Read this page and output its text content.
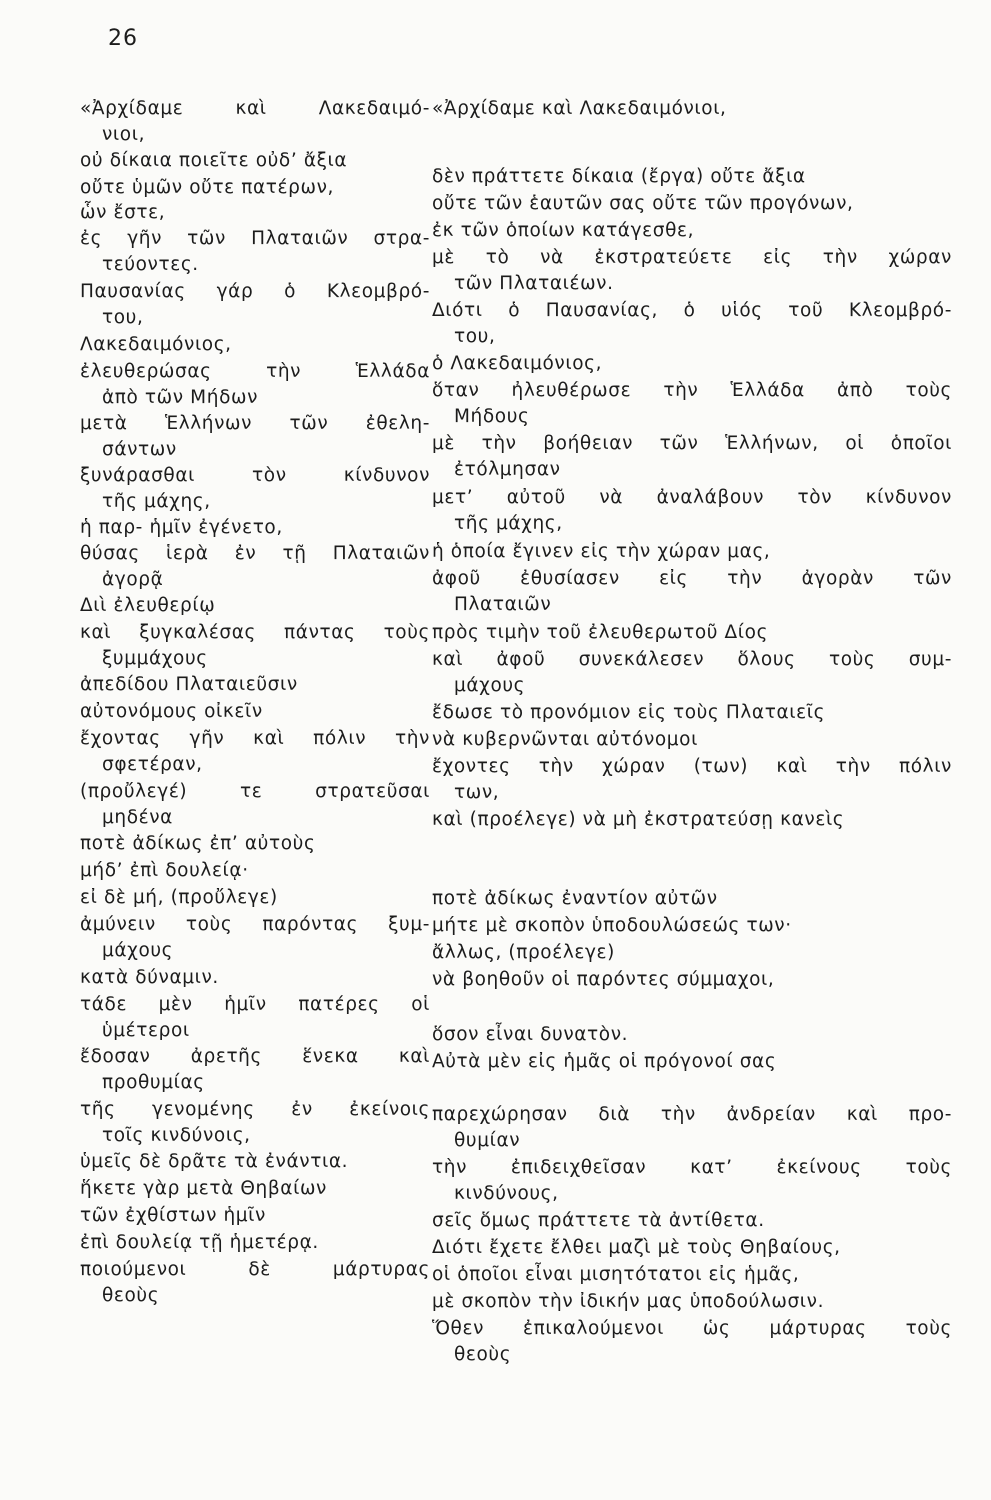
26
«Ἀρχίδαμε καὶ Λακεδαιμό-
νιοι,
οὐ δίκαια ποιεῖτε οὐδ’ ἄξια
οὔτε ὑμῶν οὔτε πατέρων,
ὧν ἔστε,
ἐς γῆν τῶν Πλαταιῶν στρα-
τεύοντες.
Παυσανίας γάρ ὁ Κλεομβρό-
του,
Λακεδαιμόνιος,
ἐλευθερώσας τὴν Ἑλλάδα
ἀπὸ τῶν Μήδων
μετὰ Ἑλλήνων τῶν ἐθελη-
σάντων
ξυνάρασθαι τὸν κίνδυνον
τῆς μάχης,
ἡ παρ- ἡμῖν ἐγένετο,
θύσας ἱερὰ ἐν τῇ Πλαταιῶν
ἀγορᾷ
Διὶ ἐλευθερίῳ
καὶ ξυγκαλέσας πάντας τοὺς
ξυμμάχους
ἀπεδίδου Πλαταιεῦσιν
αὐτονόμους οἰκεῖν
ἔχοντας γῆν καὶ πόλιν τὴν
σφετέραν,
(προὔλεγέ) τε στρατεῦσαι
μηδένα
ποτὲ ἀδίκως ἐπ’ αὐτοὺς
μήδ’ ἐπὶ δουλείᾳ·
εἰ δὲ μή, (προὔλεγε)
ἀμύνειν τοὺς παρόντας ξυμ-
μάχους
κατὰ δύναμιν.
τάδε μὲν ἡμῖν πατέρες οἱ
ὑμέτεροι
ἔδοσαν ἀρετῆς ἕνεκα καὶ
προθυμίας
τῆς γενομένης ἐν ἐκείνοις
τοῖς κινδύνοις,
ὑμεῖς δὲ δρᾶτε τὰ ἐνάντια.
ἥκετε γὰρ μετὰ Θηβαίων
τῶν ἐχθίστων ἡμῖν
ἐπὶ δουλείᾳ τῇ ἡμετέρᾳ.
ποιούμενοι δὲ μάρτυρας
θεοὺς
«Ἀρχίδαμε καὶ Λακεδαιμόνιοι,
δὲν πράττετε δίκαια (ἔργα) οὔτε ἄξια
οὔτε τῶν ἑαυτῶν σας οὔτε τῶν προγόνων,
ἐκ τῶν ὁποίων κατάγεσθε,
μὲ τὸ νὰ ἐκστρατεύετε εἰς τὴν χώραν
τῶν Πλαταιέων.
Διότι ὁ Παυσανίας, ὁ υἱός τοῦ Κλεομβρό-
του,
ὁ Λακεδαιμόνιος,
ὅταν ἠλευθέρωσε τὴν Ἑλλάδα ἀπὸ τοὺς
Μήδους
μὲ τὴν βοήθειαν τῶν Ἑλλήνων, οἱ ὁποῖοι
ἐτόλμησαν
μετ’ αὐτοῦ νὰ ἀναλάβουν τὸν κίνδυνον
τῆς μάχης,
ἡ ὁποία ἔγινεν εἰς τὴν χώραν μας,
ἀφοῦ ἐθυσίασεν εἰς τὴν ἀγορὰν τῶν
Πλαταιῶν
πρὸς τιμὴν τοῦ ἐλευθερωτοῦ Δίος
καὶ ἀφοῦ συνεκάλεσεν ὅλους τοὺς συμ-
μάχους
ἔδωσε τὸ προνόμιον εἰς τοὺς Πλαταιεῖς
νὰ κυβερνῶνται αὐτόνομοι
ἔχοντες τὴν χώραν (των) καὶ τὴν πόλιν
των,
καὶ (προέλεγε) νὰ μὴ ἐκστρατεύσῃ κανεὶς
ποτὲ ἀδίκως ἐναντίον αὐτῶν
μήτε μὲ σκοπὸν ὑποδουλώσεώς των·
ἄλλως, (προέλεγε)
νὰ βοηθοῦν οἱ παρόντες σύμμαχοι,
ὅσον εἶναι δυνατὸν.
Αὐτὰ μὲν εἰς ἡμᾶς οἱ πρόγονοί σας
παρεχώρησαν διὰ τὴν ἀνδρείαν καὶ προ-
θυμίαν
τὴν ἐπιδειχθεῖσαν κατ’ ἐκείνους τοὺς
κινδύνους,
σεῖς ὅμως πράττετε τὰ ἀντίθετα.
Διότι ἔχετε ἔλθει μαζὶ μὲ τοὺς Θηβαίους,
οἱ ὁποῖοι εἶναι μισητότατοι εἰς ἡμᾶς,
μὲ σκοπὸν τὴν ἰδικήν μας ὑποδούλωσιν.
Ὅθεν ἐπικαλούμενοι ὡς μάρτυρας τοὺς
θεοὺς
